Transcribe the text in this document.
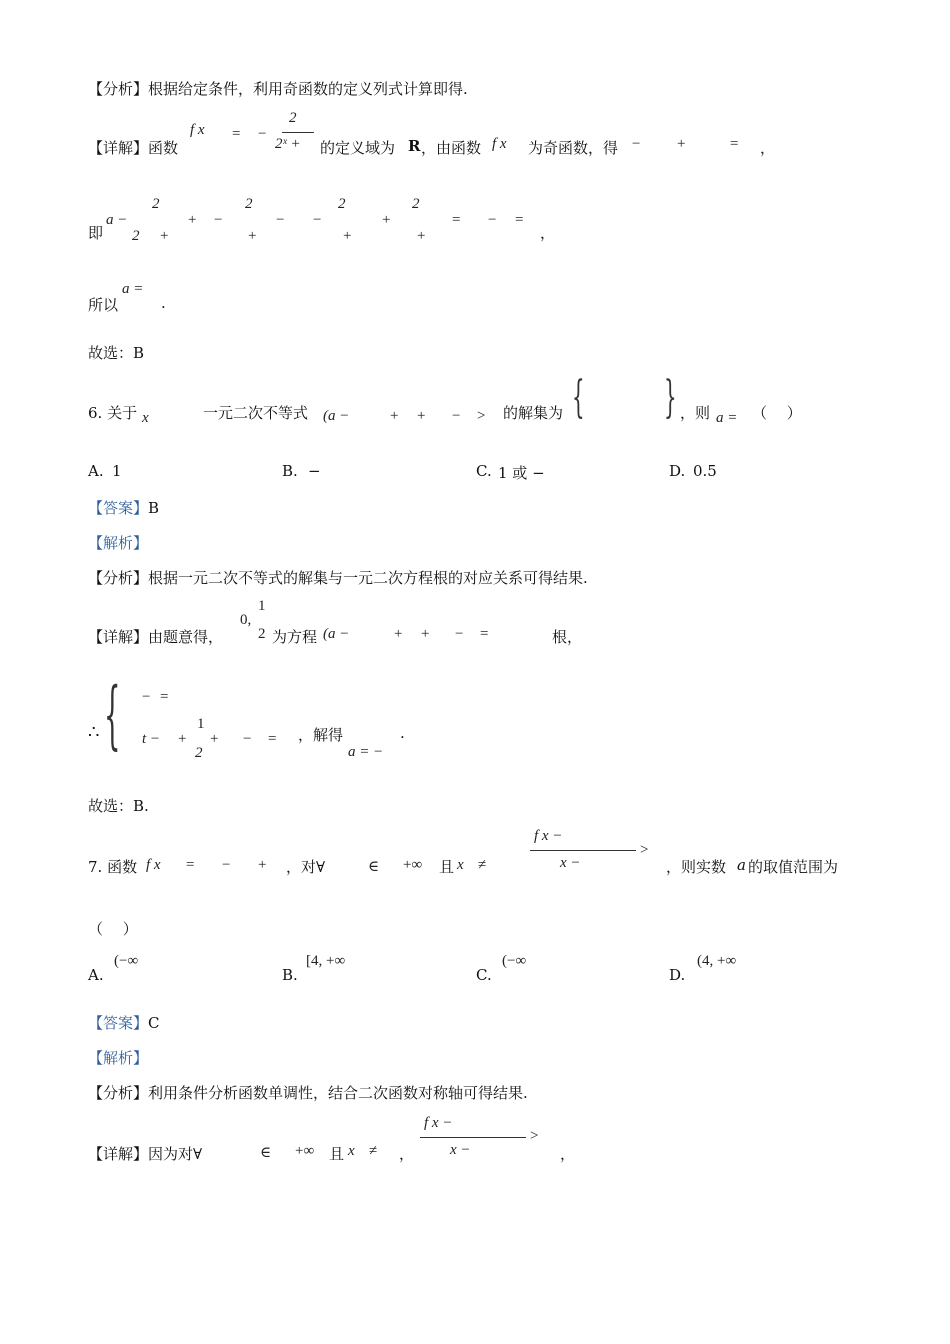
【分析】根据给定条件，利用奇函数的定义列式计算即得.
【详解】函数
f x = −
2
2ˣ + 的定义域为 R ，由函数 f x 为奇函数，得 − +	= ，
即
a −
2
2 +
+ −
2
+
− −
2
+
+
2
+
= − =
，
所以
a =
.
故选：B
6. 关于 x	一元二次不等式 (a −	+ + − > 的解集为 { } ，则 a = （　 ）
A. 1	B. −	C. 1 或 −	D. 0.5
【答案】B
【解析】
【分析】根据一元二次不等式的解集与一元二次方程根的对应关系可得结果.
【详解】由题意得，
0,
1
2 为方程 (a −	+ + − =	根，
∴ { − =
t − +
1
2
+ − = ，解得
a = −
.
故选：B.
7. 函数 f x = − + ，对∀	∈ +∞ 且 x ≠
f x −
x −
>
，则实数 a 的取值范围为
（　 ）
A.
(−∞
B.
[4, +∞
C.
(−∞
D.
(4, +∞
【答案】C
【解析】
【分析】利用条件分析函数单调性，结合二次函数对称轴可得结果.
【详解】因为对∀	∈ +∞ 且 x ≠ ，
f x −
x −
>
，
